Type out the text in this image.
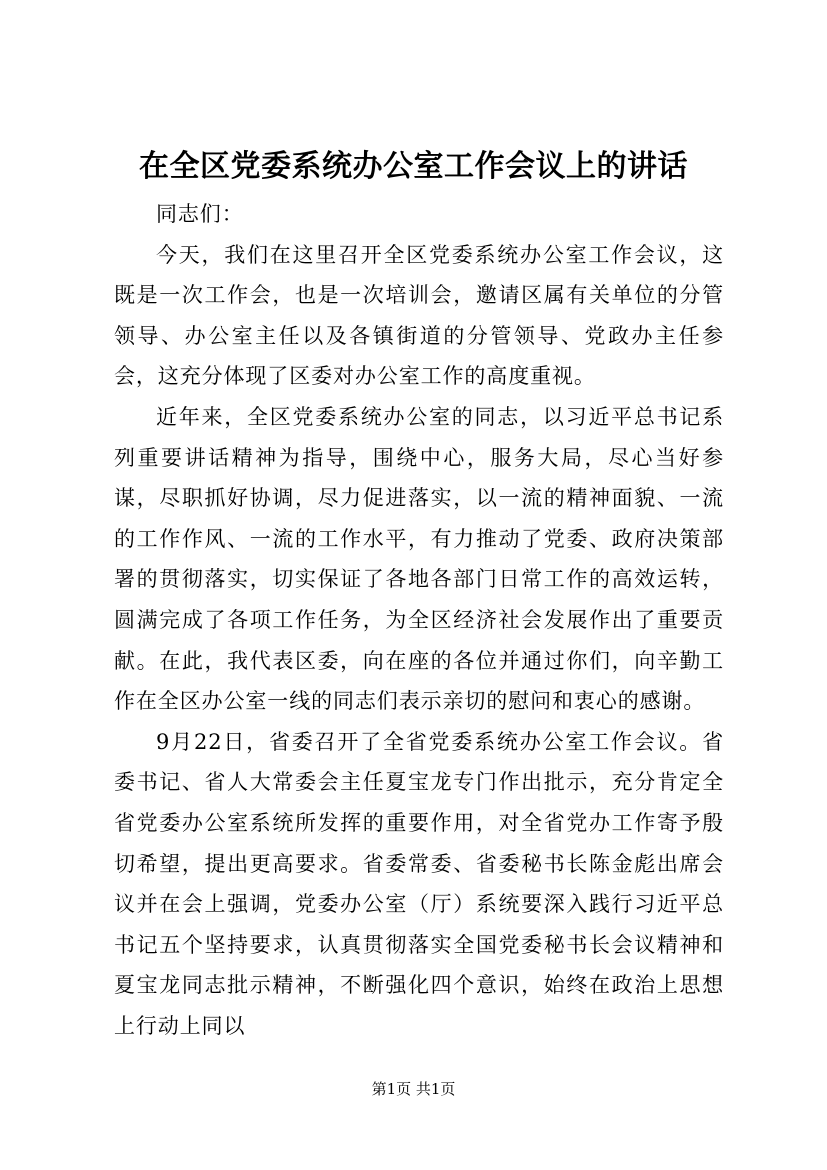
在全区党委系统办公室工作会议上的讲话

同志们：

今天，我们在这里召开全区党委系统办公室工作会议，这既是一次工作会，也是一次培训会，邀请区属有关单位的分管领导、办公室主任以及各镇街道的分管领导、党政办主任参会，这充分体现了区委对办公室工作的高度重视。

近年来，全区党委系统办公室的同志，以习近平总书记系列重要讲话精神为指导，围绕中心，服务大局，尽心当好参谋，尽职抓好协调，尽力促进落实，以一流的精神面貌、一流的工作作风、一流的工作水平，有力推动了党委、政府决策部署的贯彻落实，切实保证了各地各部门日常工作的高效运转，圆满完成了各项工作任务，为全区经济社会发展作出了重要贡献。在此，我代表区委，向在座的各位并通过你们，向辛勤工作在全区办公室一线的同志们表示亲切的慰问和衷心的感谢。

9月22日，省委召开了全省党委系统办公室工作会议。省委书记、省人大常委会主任夏宝龙专门作出批示，充分肯定全省党委办公室系统所发挥的重要作用，对全省党办工作寄予殷切希望，提出更高要求。省委常委、省委秘书长陈金彪出席会议并在会上强调，党委办公室（厅）系统要深入践行习近平总书记五个坚持要求，认真贯彻落实全国党委秘书长会议精神和夏宝龙同志批示精神，不断强化四个意识，始终在政治上思想上行动上同以

第1页 共1页
